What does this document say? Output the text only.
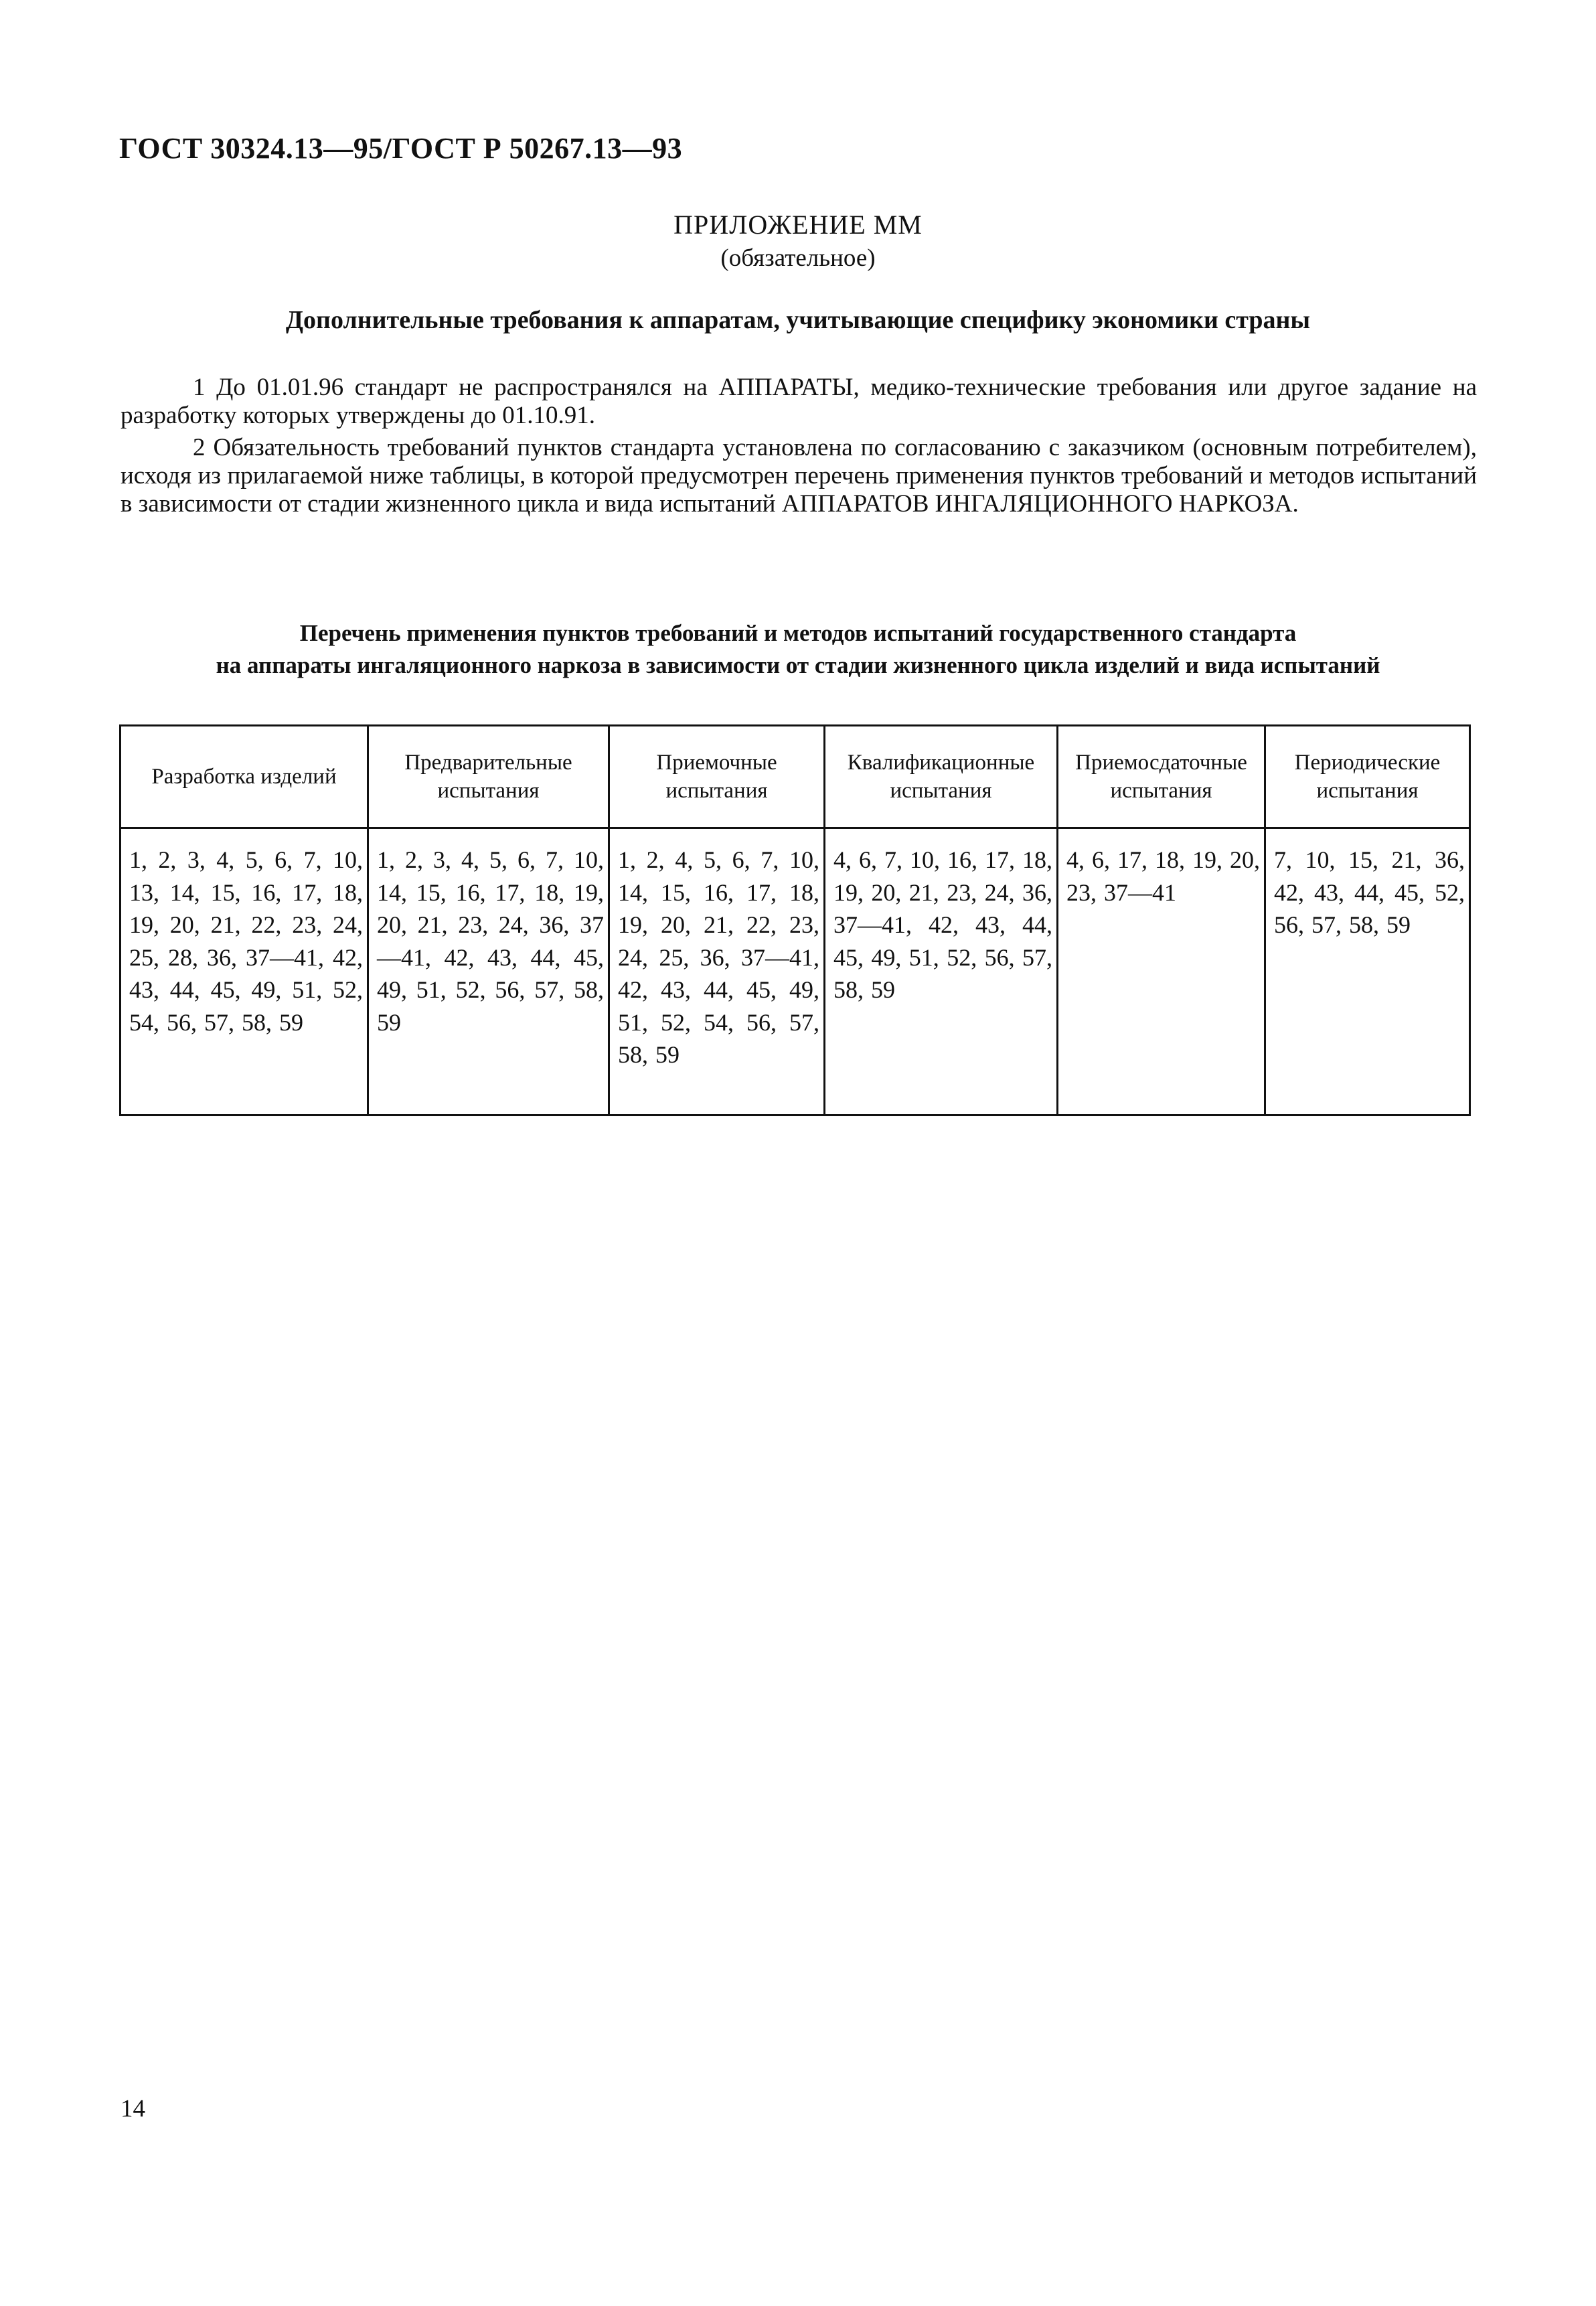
ГОСТ 30324.13—95/ГОСТ Р 50267.13—93
ПРИЛОЖЕНИЕ ММ
(обязательное)
Дополнительные требования к аппаратам, учитывающие специфику экономики страны
1 До 01.01.96 стандарт не распространялся на АППАРАТЫ, медико-технические требования или другое задание на разработку которых утверждены до 01.10.91.
2 Обязательность требований пунктов стандарта установлена по согласованию с заказчиком (основным потребителем), исходя из прилагаемой ниже таблицы, в которой предусмотрен перечень применения пунктов требований и методов испытаний в зависимости от стадии жизненного цикла и вида испытаний АППАРАТОВ ИНГАЛЯЦИОННОГО НАРКОЗА.
Перечень применения пунктов требований и методов испытаний государственного стандарта
на аппараты ингаляционного наркоза в зависимости от стадии жизненного цикла изделий и вида испытаний
Разработка изделий	Предварительные испытания	Приемочные испытания	Квалификационные испытания	Приемосдаточные испытания	Периодические испытания
1, 2, 3, 4, 5, 6, 7, 10, 13, 14, 15, 16, 17, 18, 19, 20, 21, 22, 23, 24, 25, 28, 36, 37—41, 42, 43, 44, 45, 49, 51, 52, 54, 56, 57, 58, 59	1, 2, 3, 4, 5, 6, 7, 10, 14, 15, 16, 17, 18, 19, 20, 21, 23, 24, 36, 37—41, 42, 43, 44, 45, 49, 51, 52, 56, 57, 58, 59	1, 2, 4, 5, 6, 7, 10, 14, 15, 16, 17, 18, 19, 20, 21, 22, 23, 24, 25, 36, 37—41, 42, 43, 44, 45, 49, 51, 52, 54, 56, 57, 58, 59	4, 6, 7, 10, 16, 17, 18, 19, 20, 21, 23, 24, 36, 37—41, 42, 43, 44, 45, 49, 51, 52, 56, 57, 58, 59	4, 6, 17, 18, 19, 20, 23, 37—41	7, 10, 15, 21, 36, 42, 43, 44, 45, 52, 56, 57, 58, 59
14
